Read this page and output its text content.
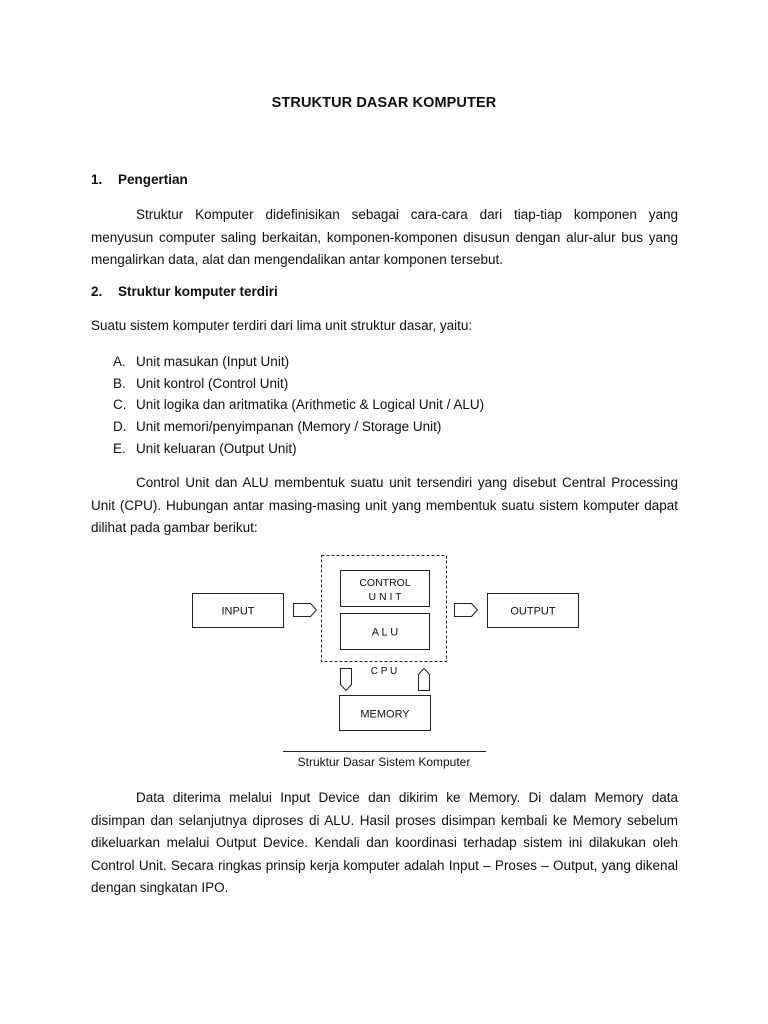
STRUKTUR DASAR KOMPUTER
1. Pengertian

Struktur Komputer didefinisikan sebagai cara-cara dari tiap-tiap komponen yang menyusun computer saling berkaitan, komponen-komponen disusun dengan alur-alur bus yang mengalirkan data, alat dan mengendalikan antar komponen tersebut.

2. Struktur komputer terdiri

Suatu sistem komputer terdiri dari lima unit struktur dasar, yaitu:

A. Unit masukan (Input Unit)
B. Unit kontrol (Control Unit)
C. Unit logika dan aritmatika (Arithmetic & Logical Unit / ALU)
D. Unit memori/penyimpanan (Memory / Storage Unit)
E. Unit keluaran (Output Unit)

Control Unit dan ALU membentuk suatu unit tersendiri yang disebut Central Processing Unit (CPU). Hubungan antar masing-masing unit yang membentuk suatu sistem komputer dapat dilihat pada gambar berikut:

INPUT
CONTROL
U N I T
A L U
C P U
OUTPUT
MEMORY
Struktur Dasar Sistem Komputer

Data diterima melalui Input Device dan dikirim ke Memory. Di dalam Memory data disimpan dan selanjutnya diproses di ALU. Hasil proses disimpan kembali ke Memory sebelum dikeluarkan melalui Output Device. Kendali dan koordinasi terhadap sistem ini dilakukan oleh Control Unit. Secara ringkas prinsip kerja komputer adalah Input – Proses – Output, yang dikenal dengan singkatan IPO.
